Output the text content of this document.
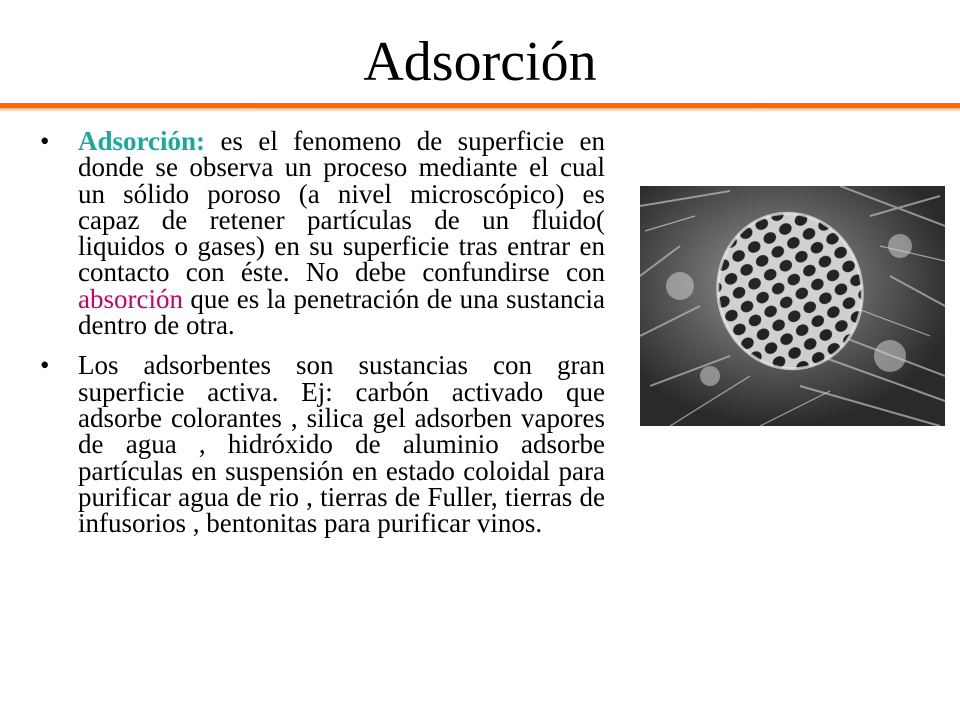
Adsorción
• Adsorción: es el fenomeno de superficie en donde se observa un proceso mediante el cual un sólido poroso (a nivel microscópico) es capaz de retener partículas de un fluido( liquidos o gases) en su superficie tras entrar en contacto con éste. No debe confundirse con absorción que es la penetración de una sustancia dentro de otra.
• Los adsorbentes son sustancias con gran superficie activa. Ej: carbón activado que adsorbe colorantes , silica gel adsorben vapores de agua , hidróxido de aluminio adsorbe partículas en suspensión en estado coloidal para purificar agua de rio , tierras de Fuller, tierras de infusorios , bentonitas para purificar vinos.
